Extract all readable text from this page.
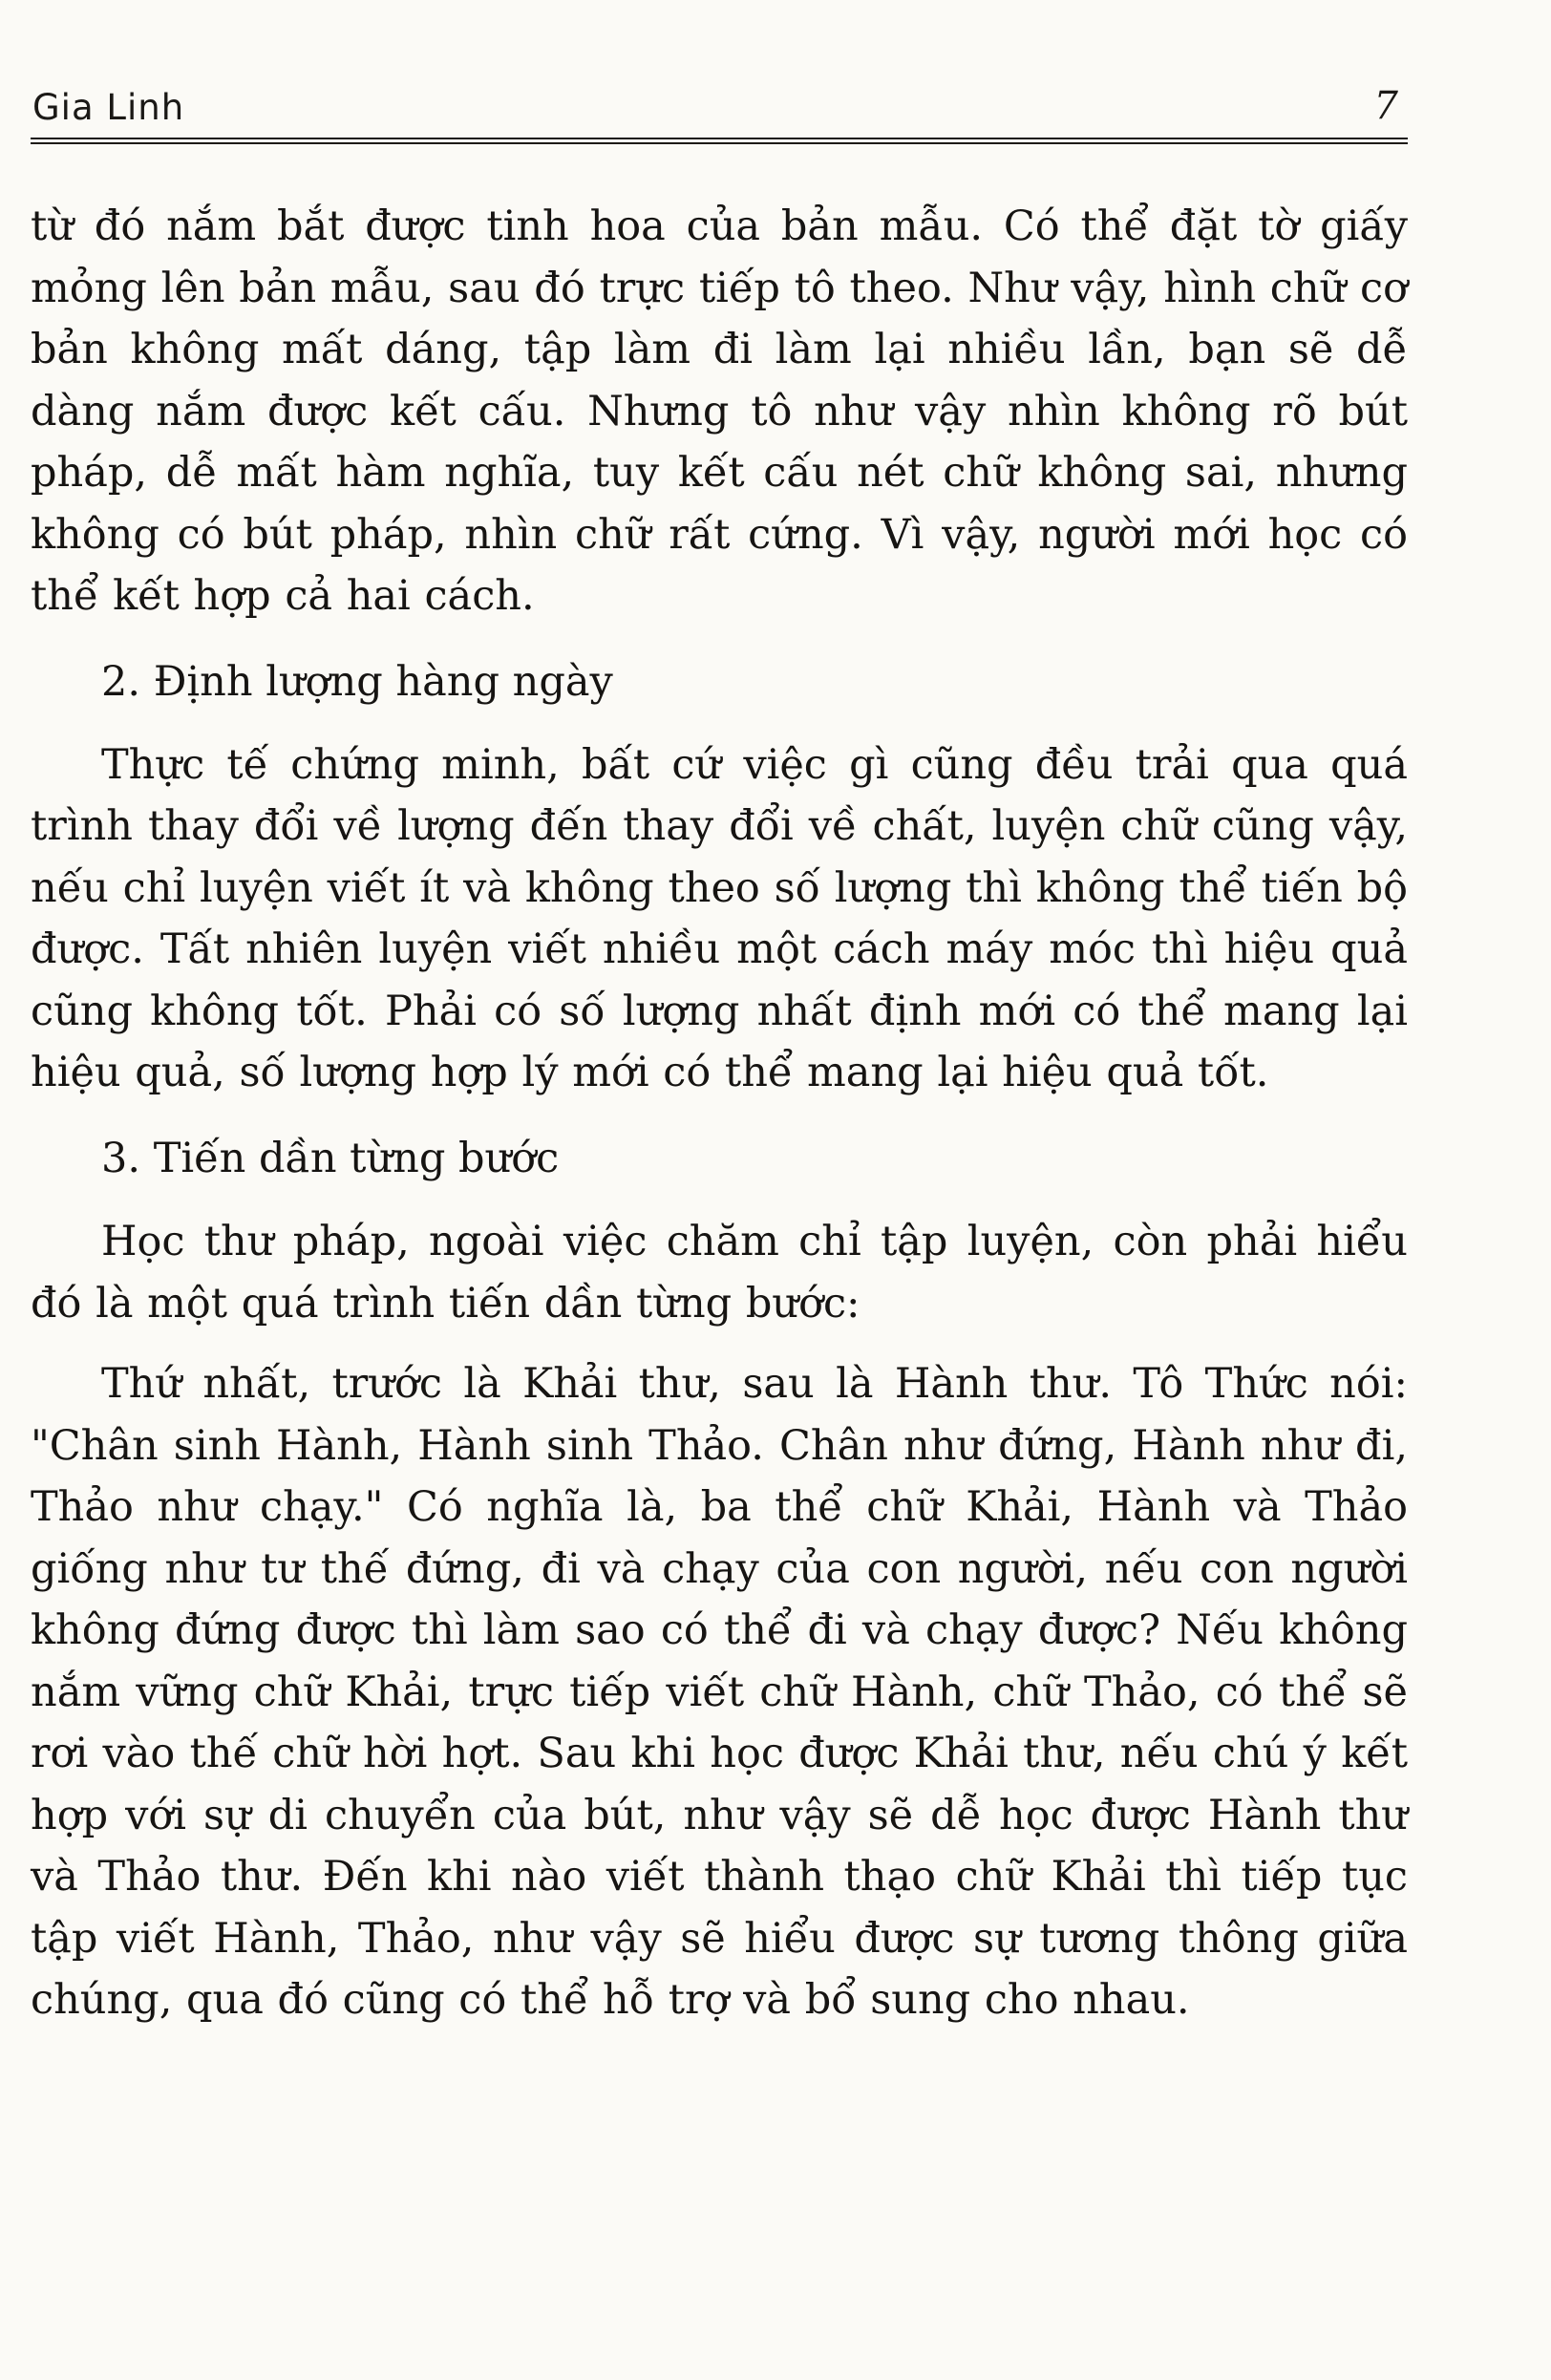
Gia Linh	7

từ đó nắm bắt được tinh hoa của bản mẫu. Có thể đặt tờ giấy mỏng lên bản mẫu, sau đó trực tiếp tô theo. Như vậy, hình chữ cơ bản không mất dáng, tập làm đi làm lại nhiều lần, bạn sẽ dễ dàng nắm được kết cấu. Nhưng tô như vậy nhìn không rõ bút pháp, dễ mất hàm nghĩa, tuy kết cấu nét chữ không sai, nhưng không có bút pháp, nhìn chữ rất cứng. Vì vậy, người mới học có thể kết hợp cả hai cách.

2. Định lượng hàng ngày

Thực tế chứng minh, bất cứ việc gì cũng đều trải qua quá trình thay đổi về lượng đến thay đổi về chất, luyện chữ cũng vậy, nếu chỉ luyện viết ít và không theo số lượng thì không thể tiến bộ được. Tất nhiên luyện viết nhiều một cách máy móc thì hiệu quả cũng không tốt. Phải có số lượng nhất định mới có thể mang lại hiệu quả, số lượng hợp lý mới có thể mang lại hiệu quả tốt.

3. Tiến dần từng bước

Học thư pháp, ngoài việc chăm chỉ tập luyện, còn phải hiểu đó là một quá trình tiến dần từng bước:

Thứ nhất, trước là Khải thư, sau là Hành thư. Tô Thức nói: "Chân sinh Hành, Hành sinh Thảo. Chân như đứng, Hành như đi, Thảo như chạy." Có nghĩa là, ba thể chữ Khải, Hành và Thảo giống như tư thế đứng, đi và chạy của con người, nếu con người không đứng được thì làm sao có thể đi và chạy được? Nếu không nắm vững chữ Khải, trực tiếp viết chữ Hành, chữ Thảo, có thể sẽ rơi vào thế chữ hời hợt. Sau khi học được Khải thư, nếu chú ý kết hợp với sự di chuyển của bút, như vậy sẽ dễ học được Hành thư và Thảo thư. Đến khi nào viết thành thạo chữ Khải thì tiếp tục tập viết Hành, Thảo, như vậy sẽ hiểu được sự tương thông giữa chúng, qua đó cũng có thể hỗ trợ và bổ sung cho nhau.
